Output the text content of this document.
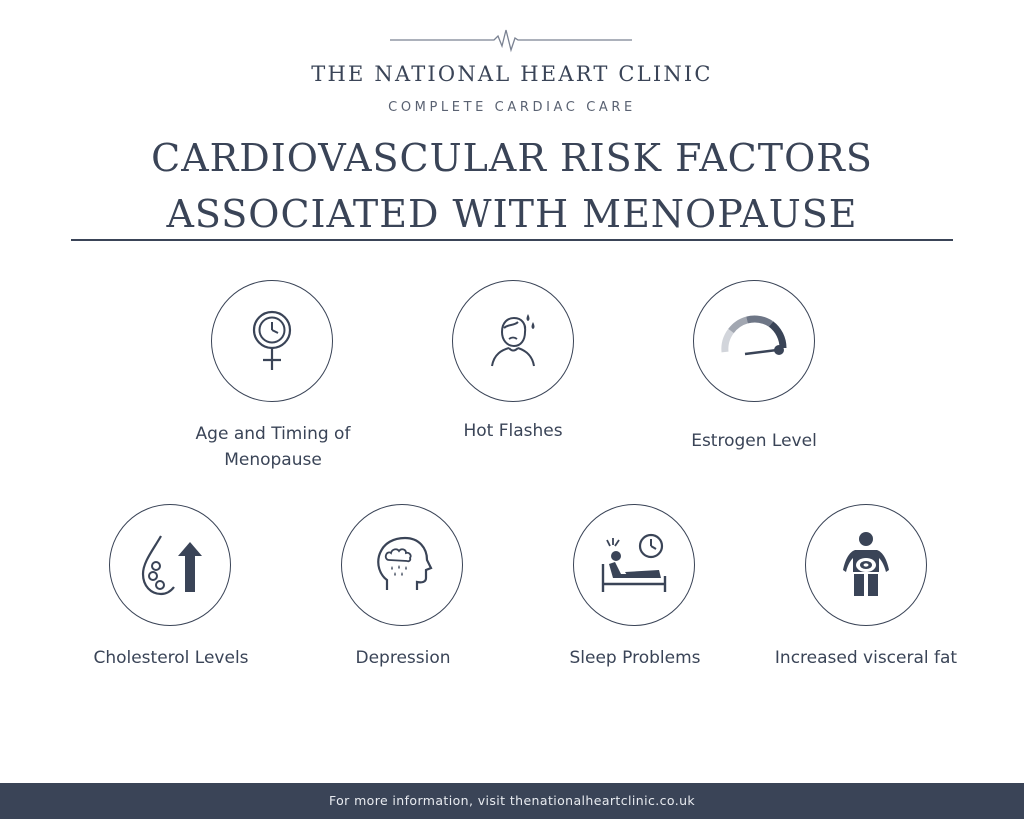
THE NATIONAL HEART CLINIC
COMPLETE CARDIAC CARE
CARDIOVASCULAR RISK FACTORS
ASSOCIATED WITH MENOPAUSE
Age and Timing of Menopause
Hot Flashes	Estrogen Level
Cholesterol Levels	Depression	Sleep Problems	Increased visceral fat
For more information, visit thenationalheartclinic.co.uk
